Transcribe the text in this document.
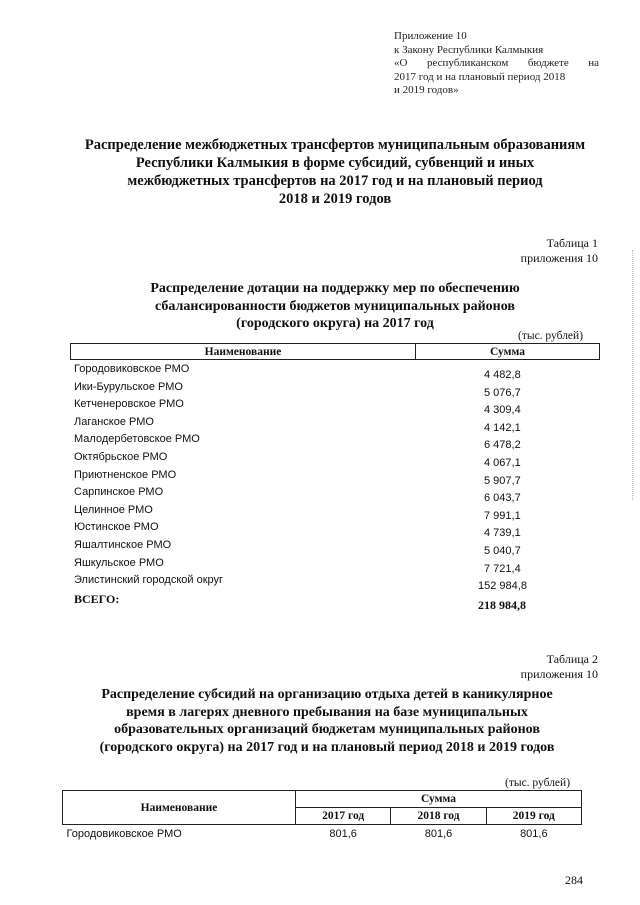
Приложение 10
к Закону Республики Калмыкия
«О республиканском бюджете на
2017 год и на плановый период 2018
и 2019 годов»
Распределение межбюджетных трансфертов муниципальным образованиям
Республики Калмыкия в форме субсидий, субвенций и иных
межбюджетных трансфертов на 2017 год и на плановый период
2018 и 2019 годов
Таблица 1
приложения 10
Распределение дотации на поддержку мер по обеспечению
сбалансированности бюджетов муниципальных районов
(городского округа) на 2017 год
(тыс. рублей)
Наименование	Сумма
Городовиковское РМО	4 482,8
Ики-Бурульское РМО	5 076,7
Кетченеровское РМО	4 309,4
Лаганское РМО	4 142,1
Малодербетовское РМО	6 478,2
Октябрьское РМО	4 067,1
Приютненское РМО	5 907,7
Сарпинское РМО	6 043,7
Целинное РМО	7 991,1
Юстинское РМО	4 739,1
Яшалтинское РМО	5 040,7
Яшкульское РМО	7 721,4
Элистинский городской округ	152 984,8
ВСЕГО:	218 984,8
Таблица 2
приложения 10
Распределение субсидий на организацию отдыха детей в каникулярное
время в лагерях дневного пребывания на базе муниципальных
образовательных организаций бюджетам муниципальных районов
(городского округа) на 2017 год и на плановый период 2018 и 2019 годов
(тыс. рублей)
Наименование	Сумма		
	2017 год	2018 год	2019 год
Городовиковское РМО	801,6	801,6	801,6
284
